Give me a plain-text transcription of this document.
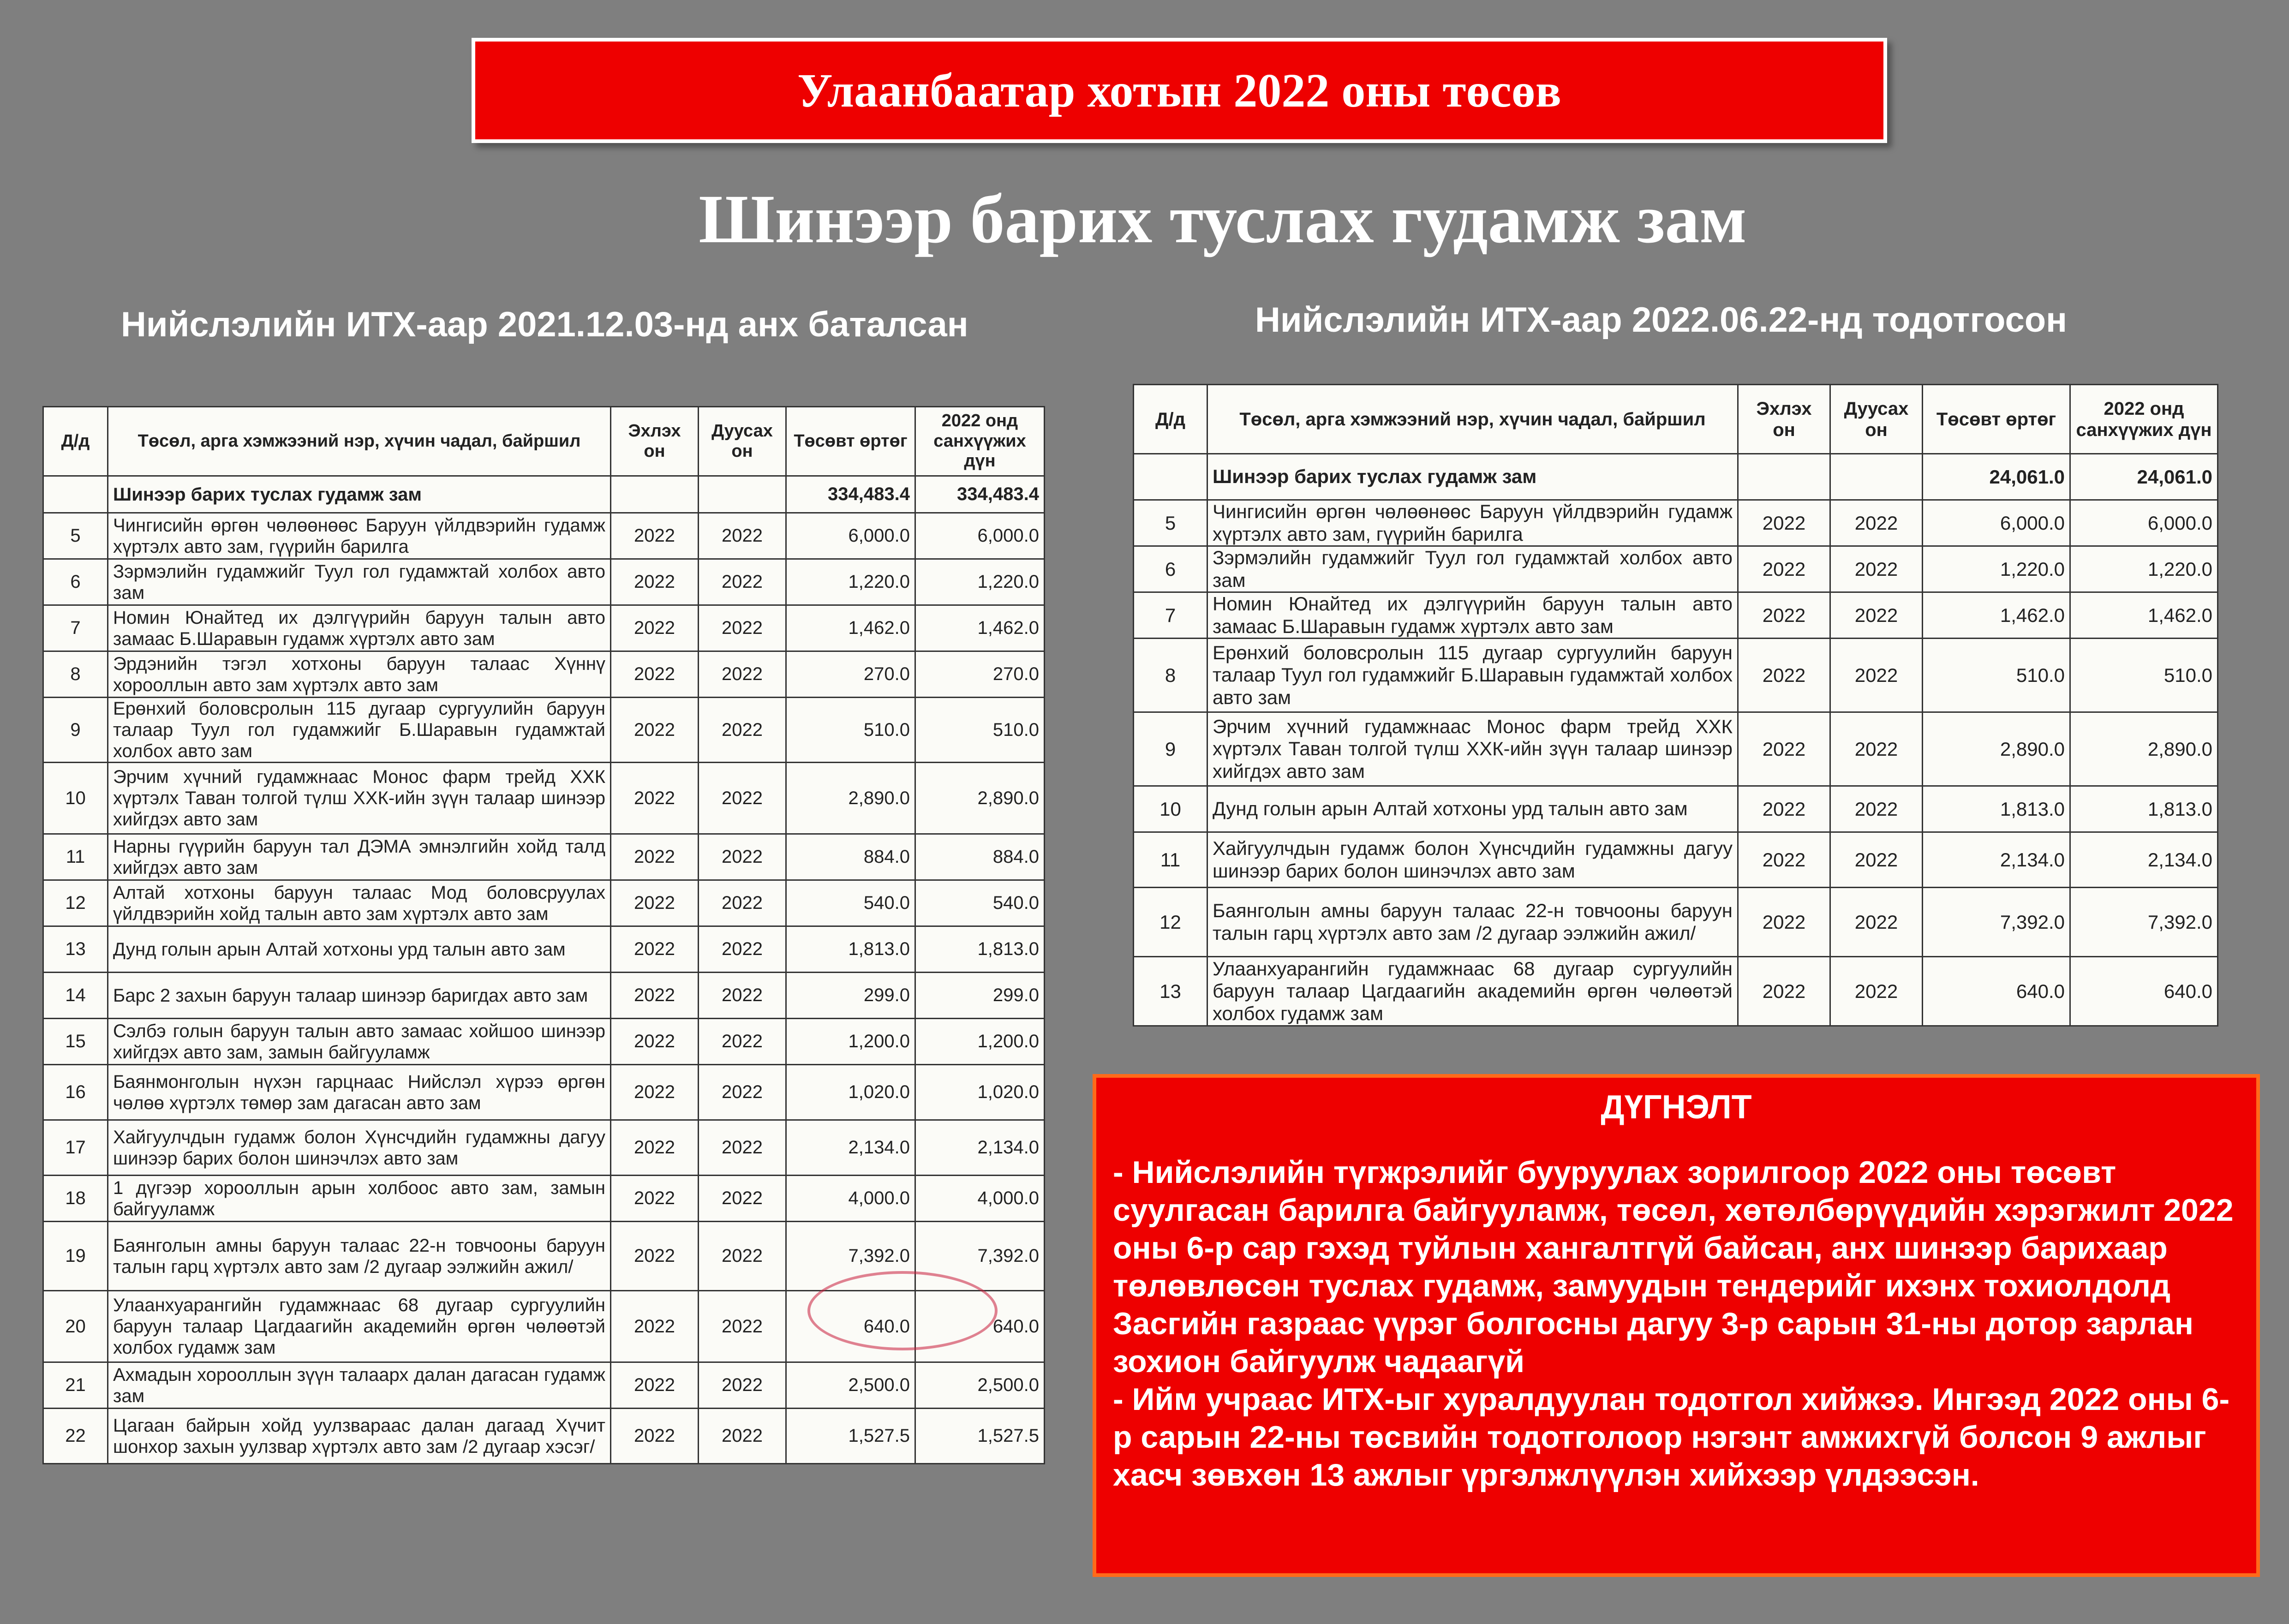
Улаанбаатар хотын 2022 оны төсөв
Шинээр барих туслах гудамж зам
Нийслэлийн ИТХ-аар 2021.12.03-нд анх баталсан	Нийслэлийн ИТХ-аар 2022.06.22-нд тодотгосон
Д/д	Төсөл, арга хэмжээний нэр, хүчин чадал, байршил	Эхлэх он	Дуусах он	Төсөвт өртөг	2022 онд санхүүжих дүн
	Шинээр барих туслах гудамж зам			334,483.4	334,483.4
5	Чингисийн өргөн чөлөөнөөс Баруун үйлдвэрийн гудамж хүртэлх авто зам, гүүрийн барилга	2022	2022	6,000.0	6,000.0
6	Зэрмэлийн гудамжийг Туул гол гудамжтай холбох авто зам	2022	2022	1,220.0	1,220.0
7	Номин Юнайтед их дэлгүүрийн баруун талын авто замаас Б.Шаравын гудамж хүртэлх авто зам	2022	2022	1,462.0	1,462.0
8	Эрдэнийн тэгэл хотхоны баруун талаас Хүннү хорооллын авто зам хүртэлх авто зам	2022	2022	270.0	270.0
9	Ерөнхий боловсролын 115 дугаар сургуулийн баруун талаар Туул гол гудамжийг Б.Шаравын гудамжтай холбох авто зам	2022	2022	510.0	510.0
10	Эрчим хүчний гудамжнаас Монос фарм трейд ХХК хүртэлх Таван толгой түлш ХХК-ийн зүүн талаар шинээр хийгдэх авто зам	2022	2022	2,890.0	2,890.0
11	Нарны гүүрийн баруун тал ДЭМА эмнэлгийн хойд талд хийгдэх авто зам	2022	2022	884.0	884.0
12	Алтай хотхоны баруун талаас Мод боловсруулах үйлдвэрийн хойд талын авто зам хүртэлх авто зам	2022	2022	540.0	540.0
13	Дунд голын арын Алтай хотхоны урд талын авто зам	2022	2022	1,813.0	1,813.0
14	Барс 2 захын баруун талаар шинээр баригдах авто зам	2022	2022	299.0	299.0
15	Сэлбэ голын баруун талын авто замаас хойшоо шинээр хийгдэх авто зам, замын байгууламж	2022	2022	1,200.0	1,200.0
16	Баянмонголын нүхэн гарцнаас Нийслэл хүрээ өргөн чөлөө хүртэлх төмөр зам дагасан авто зам	2022	2022	1,020.0	1,020.0
17	Хайгуулчдын гудамж болон Хүнсчдийн гудамжны дагуу шинээр барих болон шинэчлэх авто зам	2022	2022	2,134.0	2,134.0
18	1 дүгээр хорооллын арын холбоос авто зам, замын байгууламж	2022	2022	4,000.0	4,000.0
19	Баянголын амны баруун талаас 22-н товчооны баруун талын гарц хүртэлх авто зам /2 дугаар ээлжийн ажил/	2022	2022	7,392.0	7,392.0
20	Улаанхуарангийн гудамжнаас 68 дугаар сургуулийн баруун талаар Цагдаагийн академийн өргөн чөлөөтэй холбох гудамж зам	2022	2022	640.0	640.0
21	Ахмадын хорооллын зүүн талаарх далан дагасан гудамж зам	2022	2022	2,500.0	2,500.0
22	Цагаан байрын хойд уулзвараас далан дагаад Хүчит шонхор захын уулзвар хүртэлх авто зам /2 дугаар хэсэг/	2022	2022	1,527.5	1,527.5
Д/д	Төсөл, арга хэмжээний нэр, хүчин чадал, байршил	Эхлэх он	Дуусах он	Төсөвт өртөг	2022 онд санхүүжих дүн
	Шинээр барих туслах гудамж зам			24,061.0	24,061.0
5	Чингисийн өргөн чөлөөнөөс Баруун үйлдвэрийн гудамж хүртэлх авто зам, гүүрийн барилга	2022	2022	6,000.0	6,000.0
6	Зэрмэлийн гудамжийг Туул гол гудамжтай холбох авто зам	2022	2022	1,220.0	1,220.0
7	Номин Юнайтед их дэлгүүрийн баруун талын авто замаас Б.Шаравын гудамж хүртэлх авто зам	2022	2022	1,462.0	1,462.0
8	Ерөнхий боловсролын 115 дугаар сургуулийн баруун талаар Туул гол гудамжийг Б.Шаравын гудамжтай холбох авто зам	2022	2022	510.0	510.0
9	Эрчим хүчний гудамжнаас Монос фарм трейд ХХК хүртэлх Таван толгой түлш ХХК-ийн зүүн талаар шинээр хийгдэх авто зам	2022	2022	2,890.0	2,890.0
10	Дунд голын арын Алтай хотхоны урд талын авто зам	2022	2022	1,813.0	1,813.0
11	Хайгуулчдын гудамж болон Хүнсчдийн гудамжны дагуу шинээр барих болон шинэчлэх авто зам	2022	2022	2,134.0	2,134.0
12	Баянголын амны баруун талаас 22-н товчооны баруун талын гарц хүртэлх авто зам /2 дугаар ээлжийн ажил/	2022	2022	7,392.0	7,392.0
13	Улаанхуарангийн гудамжнаас 68 дугаар сургуулийн баруун талаар Цагдаагийн академийн өргөн чөлөөтэй холбох гудамж зам	2022	2022	640.0	640.0
ДҮГНЭЛТ

- Нийслэлийн түгжрэлийг бууруулах зорилгоор 2022 оны төсөвт суулгасан барилга байгууламж, төсөл, хөтөлбөрүүдийн хэрэгжилт 2022 оны 6-р сар гэхэд туйлын хангалтгүй байсан, анх шинээр барихаар төлөвлөсөн туслах гудамж, замуудын тендерийг ихэнх тохиолдолд Засгийн газраас үүрэг болгосны дагуу 3-р сарын 31-ны дотор зарлан зохион байгуулж чадаагүй

- Ийм учраас ИТХ-ыг хуралдуулан тодотгол хийжээ. Ингээд 2022 оны 6-р сарын 22-ны төсвийн тодотголоор нэгэнт амжихгүй болсон 9 ажлыг хасч зөвхөн 13 ажлыг үргэлжлүүлэн хийхээр үлдээсэн.
